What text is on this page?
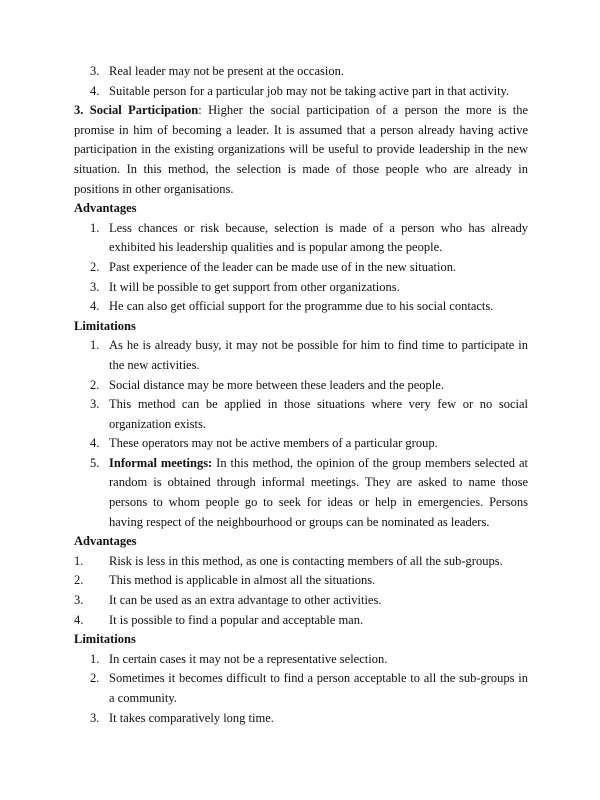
3. Real leader may not be present at the occasion.
4. Suitable person for a particular job may not be taking active part in that activity.
3. Social Participation: Higher the social participation of a person the more is the promise in him of becoming a leader. It is assumed that a person already having active participation in the existing organizations will be useful to provide leadership in the new situation. In this method, the selection is made of those people who are already in positions in other organisations.
Advantages
1. Less chances or risk because, selection is made of a person who has already exhibited his leadership qualities and is popular among the people.
2. Past experience of the leader can be made use of in the new situation.
3. It will be possible to get support from other organizations.
4. He can also get official support for the programme due to his social contacts.
Limitations
1. As he is already busy, it may not be possible for him to find time to participate in the new activities.
2. Social distance may be more between these leaders and the people.
3. This method can be applied in those situations where very few or no social organization exists.
4. These operators may not be active members of a particular group.
5. Informal meetings: In this method, the opinion of the group members selected at random is obtained through informal meetings. They are asked to name those persons to whom people go to seek for ideas or help in emergencies. Persons having respect of the neighbourhood or groups can be nominated as leaders.
Advantages
1. Risk is less in this method, as one is contacting members of all the sub-groups.
2. This method is applicable in almost all the situations.
3. It can be used as an extra advantage to other activities.
4. It is possible to find a popular and acceptable man.
Limitations
1. In certain cases it may not be a representative selection.
2. Sometimes it becomes difficult to find a person acceptable to all the sub-groups in a community.
3. It takes comparatively long time.
